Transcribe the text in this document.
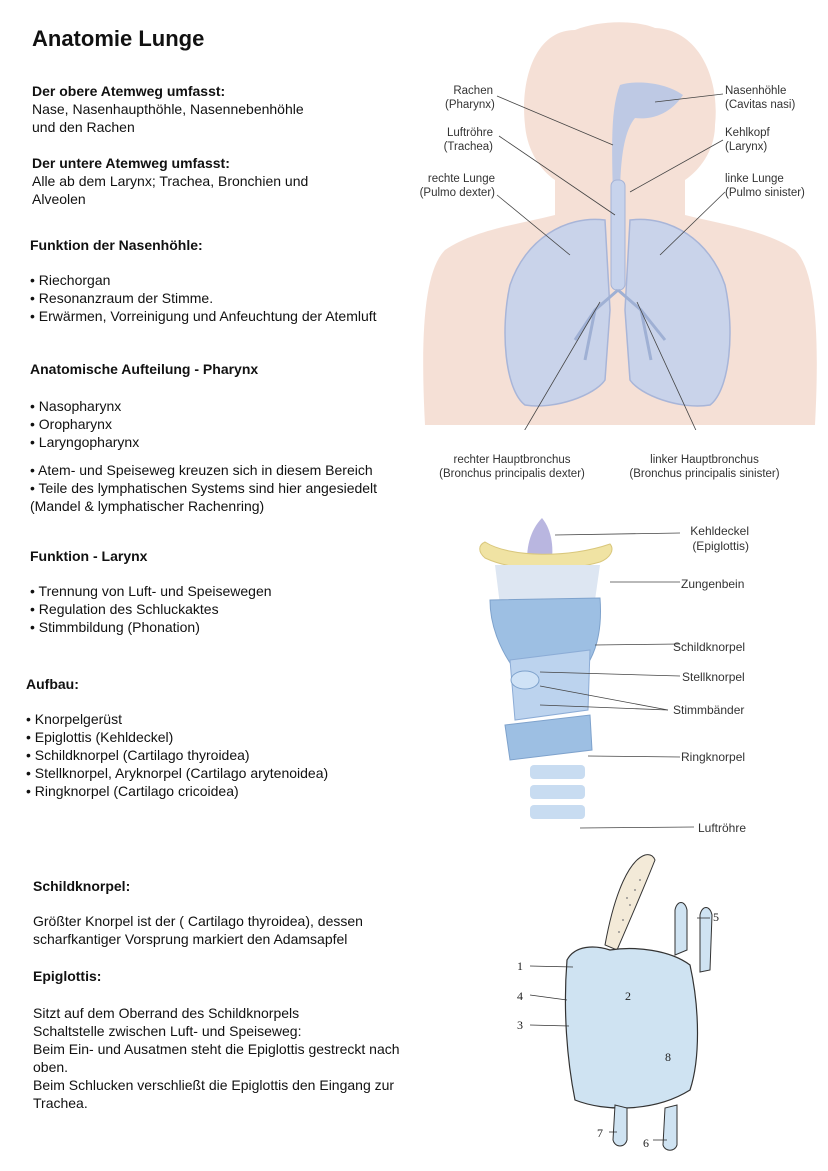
Anatomie Lunge
Der obere Atemweg umfasst:
Nase, Nasenhaupthöhle, Nasennebenhöhle
und den Rachen
Der untere Atemweg umfasst:
Alle ab dem Larynx; Trachea, Bronchien und
Alveolen
Funktion der Nasenhöhle:
• Riechorgan
• Resonanzraum der Stimme.
• Erwärmen, Vorreinigung und Anfeuchtung der Atemluft
Anatomische Aufteilung - Pharynx
• Nasopharynx
• Oropharynx
• Laryngopharynx
• Atem- und Speiseweg kreuzen sich in diesem Bereich
• Teile des lymphatischen Systems sind hier angesiedelt
(Mandel & lymphatischer Rachenring)
Funktion - Larynx
• Trennung von Luft- und Speisewegen
• Regulation des Schluckaktes
• Stimmbildung (Phonation)
Aufbau:
• Knorpelgerüst
• Epiglottis (Kehldeckel)
• Schildknorpel (Cartilago thyroidea)
• Stellknorpel, Aryknorpel (Cartilago arytenoidea)
• Ringknorpel (Cartilago cricoidea)
Schildknorpel:
Größter Knorpel ist der ( Cartilago thyroidea), dessen
scharfkantiger Vorsprung markiert den Adamsapfel
Epiglottis:
Sitzt auf dem Oberrand des Schildknorpels
Schaltstelle zwischen Luft- und Speiseweg:
Beim Ein- und Ausatmen steht die Epiglottis gestreckt nach
oben.
Beim Schlucken verschließt die Epiglottis den Eingang zur
Trachea.
Rachen
(Pharynx)
Luftröhre
(Trachea)
rechte Lunge
(Pulmo dexter)
Nasenhöhle
(Cavitas nasi)
Kehlkopf
(Larynx)
linke Lunge
(Pulmo sinister)
rechter Hauptbronchus
(Bronchus principalis dexter)
linker Hauptbronchus
(Bronchus principalis sinister)
Kehldeckel
(Epiglottis)
Zungenbein
Schildknorpel
Stellknorpel
Stimmbänder
Ringknorpel
Luftröhre
1
2
3
4
5
6
7
8
